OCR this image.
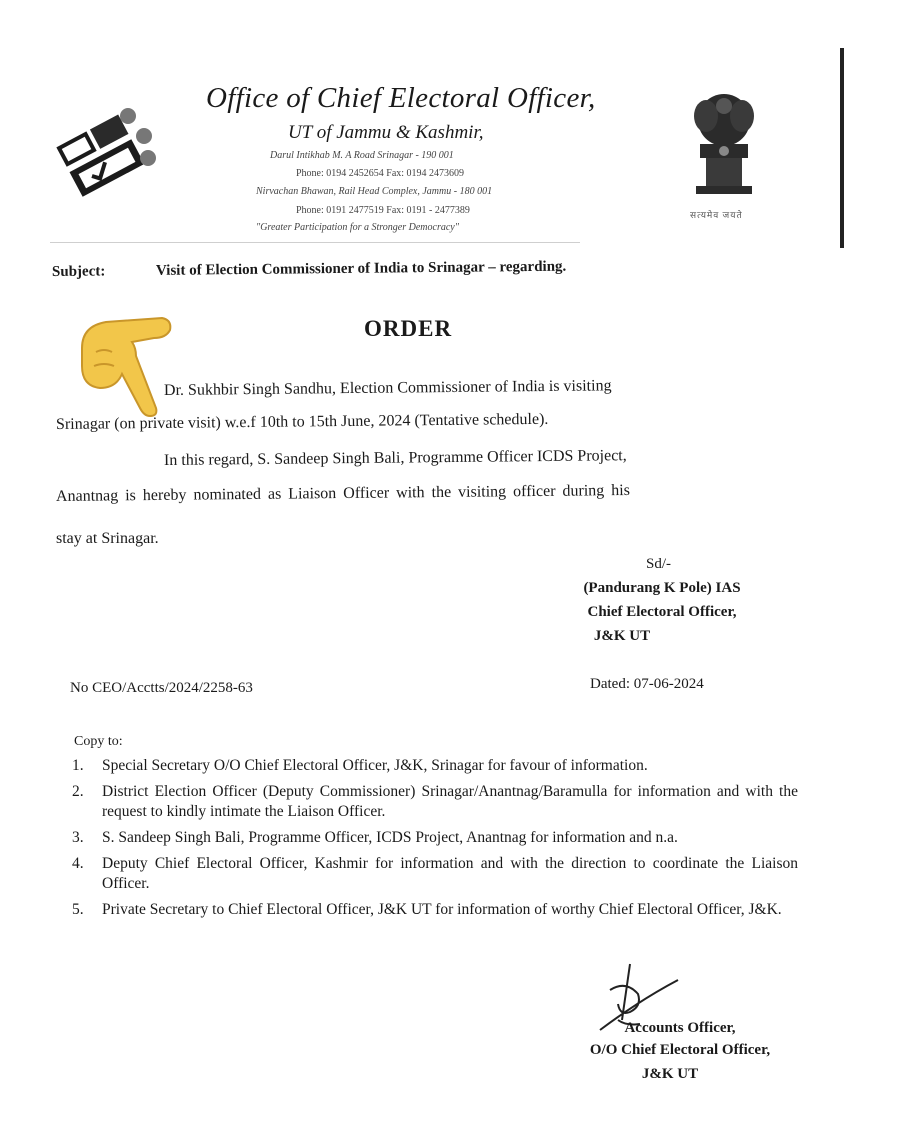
Office of Chief Electoral Officer,
UT of Jammu & Kashmir,
Darul Intikhab M. A Road Srinagar - 190 001
Phone: 0194 2452654 Fax: 0194 2473609
Nirvachan Bhawan, Rail Head Complex, Jammu - 180 001
Phone: 0191 2477519 Fax: 0191 - 2477389
"Greater Participation for a Stronger Democracy"
सत्यमेव जयते
Subject:	Visit of Election Commissioner of India to Srinagar – regarding.
ORDER
Dr. Sukhbir Singh Sandhu, Election Commissioner of India is visiting
Srinagar (on private visit) w.e.f 10th to 15th June, 2024 (Tentative schedule).
In this regard, S. Sandeep Singh Bali, Programme Officer ICDS Project,
Anantnag is hereby nominated as Liaison Officer with the visiting officer during his
stay at Srinagar.
Sd/-
(Pandurang K Pole) IAS
Chief Electoral Officer,
J&K UT
No CEO/Acctts/2024/2258-63	Dated: 07-06-2024
Copy to:
1. Special Secretary O/O Chief Electoral Officer, J&K, Srinagar for favour of information.
2. District Election Officer (Deputy Commissioner) Srinagar/Anantnag/Baramulla for information and with the request to kindly intimate the Liaison Officer.
3. S. Sandeep Singh Bali, Programme Officer, ICDS Project, Anantnag for information and n.a.
4. Deputy Chief Electoral Officer, Kashmir for information and with the direction to coordinate the Liaison Officer.
5. Private Secretary to Chief Electoral Officer, J&K UT for information of worthy Chief Electoral Officer, J&K.
Accounts Officer,
O/O Chief Electoral Officer,
J&K UT
